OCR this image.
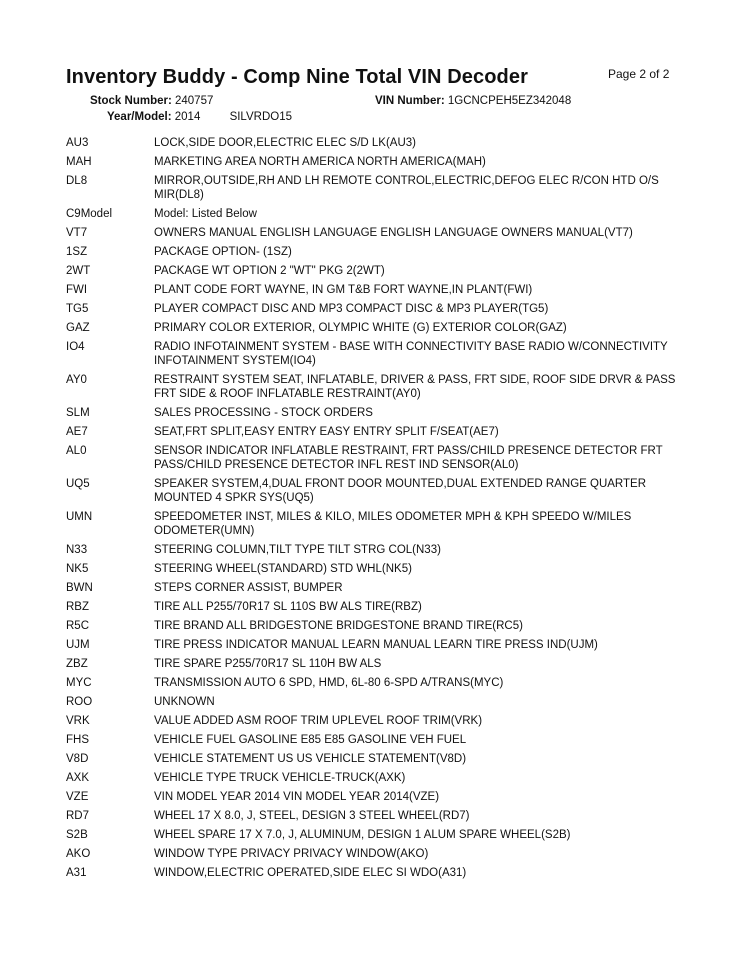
Page 2 of 2
Inventory Buddy - Comp Nine Total VIN Decoder
Stock Number: 240757	VIN Number: 1GCNCPEH5EZ342048
Year/Model: 2014	SILVRDO15
AU3	LOCK,SIDE DOOR,ELECTRIC ELEC S/D LK(AU3)
MAH	MARKETING AREA NORTH AMERICA NORTH AMERICA(MAH)
DL8	MIRROR,OUTSIDE,RH AND LH REMOTE CONTROL,ELECTRIC,DEFOG ELEC R/CON HTD O/S MIR(DL8)
C9Model	Model: Listed Below
VT7	OWNERS MANUAL ENGLISH LANGUAGE ENGLISH LANGUAGE OWNERS MANUAL(VT7)
1SZ	PACKAGE OPTION- (1SZ)
2WT	PACKAGE WT OPTION 2 "WT" PKG 2(2WT)
FWI	PLANT CODE FORT WAYNE, IN GM T&B FORT WAYNE,IN PLANT(FWI)
TG5	PLAYER COMPACT DISC AND MP3 COMPACT DISC & MP3 PLAYER(TG5)
GAZ	PRIMARY COLOR EXTERIOR, OLYMPIC WHITE (G) EXTERIOR COLOR(GAZ)
IO4	RADIO INFOTAINMENT SYSTEM - BASE WITH CONNECTIVITY BASE RADIO W/CONNECTIVITY INFOTAINMENT SYSTEM(IO4)
AY0	RESTRAINT SYSTEM SEAT, INFLATABLE, DRIVER & PASS, FRT SIDE, ROOF SIDE DRVR & PASS FRT SIDE & ROOF INFLATABLE RESTRAINT(AY0)
SLM	SALES PROCESSING - STOCK ORDERS
AE7	SEAT,FRT SPLIT,EASY ENTRY EASY ENTRY SPLIT F/SEAT(AE7)
AL0	SENSOR INDICATOR INFLATABLE RESTRAINT, FRT PASS/CHILD PRESENCE DETECTOR FRT PASS/CHILD PRESENCE DETECTOR INFL REST IND SENSOR(AL0)
UQ5	SPEAKER SYSTEM,4,DUAL FRONT DOOR MOUNTED,DUAL EXTENDED RANGE QUARTER MOUNTED 4 SPKR SYS(UQ5)
UMN	SPEEDOMETER INST, MILES & KILO, MILES ODOMETER MPH & KPH SPEEDO W/MILES ODOMETER(UMN)
N33	STEERING COLUMN,TILT TYPE TILT STRG COL(N33)
NK5	STEERING WHEEL(STANDARD) STD WHL(NK5)
BWN	STEPS CORNER ASSIST, BUMPER
RBZ	TIRE ALL P255/70R17 SL 110S BW ALS TIRE(RBZ)
R5C	TIRE BRAND ALL BRIDGESTONE BRIDGESTONE BRAND TIRE(RC5)
UJM	TIRE PRESS INDICATOR MANUAL LEARN MANUAL LEARN TIRE PRESS IND(UJM)
ZBZ	TIRE SPARE P255/70R17 SL 110H BW ALS
MYC	TRANSMISSION AUTO 6 SPD, HMD, 6L-80 6-SPD A/TRANS(MYC)
ROO	UNKNOWN
VRK	VALUE ADDED ASM ROOF TRIM UPLEVEL ROOF TRIM(VRK)
FHS	VEHICLE FUEL GASOLINE E85 E85 GASOLINE VEH FUEL
V8D	VEHICLE STATEMENT US US VEHICLE STATEMENT(V8D)
AXK	VEHICLE TYPE TRUCK VEHICLE-TRUCK(AXK)
VZE	VIN MODEL YEAR 2014 VIN MODEL YEAR 2014(VZE)
RD7	WHEEL 17 X 8.0, J, STEEL, DESIGN 3 STEEL WHEEL(RD7)
S2B	WHEEL SPARE 17 X 7.0, J, ALUMINUM, DESIGN 1 ALUM SPARE WHEEL(S2B)
AKO	WINDOW TYPE PRIVACY PRIVACY WINDOW(AKO)
A31	WINDOW,ELECTRIC OPERATED,SIDE ELEC SI WDO(A31)
